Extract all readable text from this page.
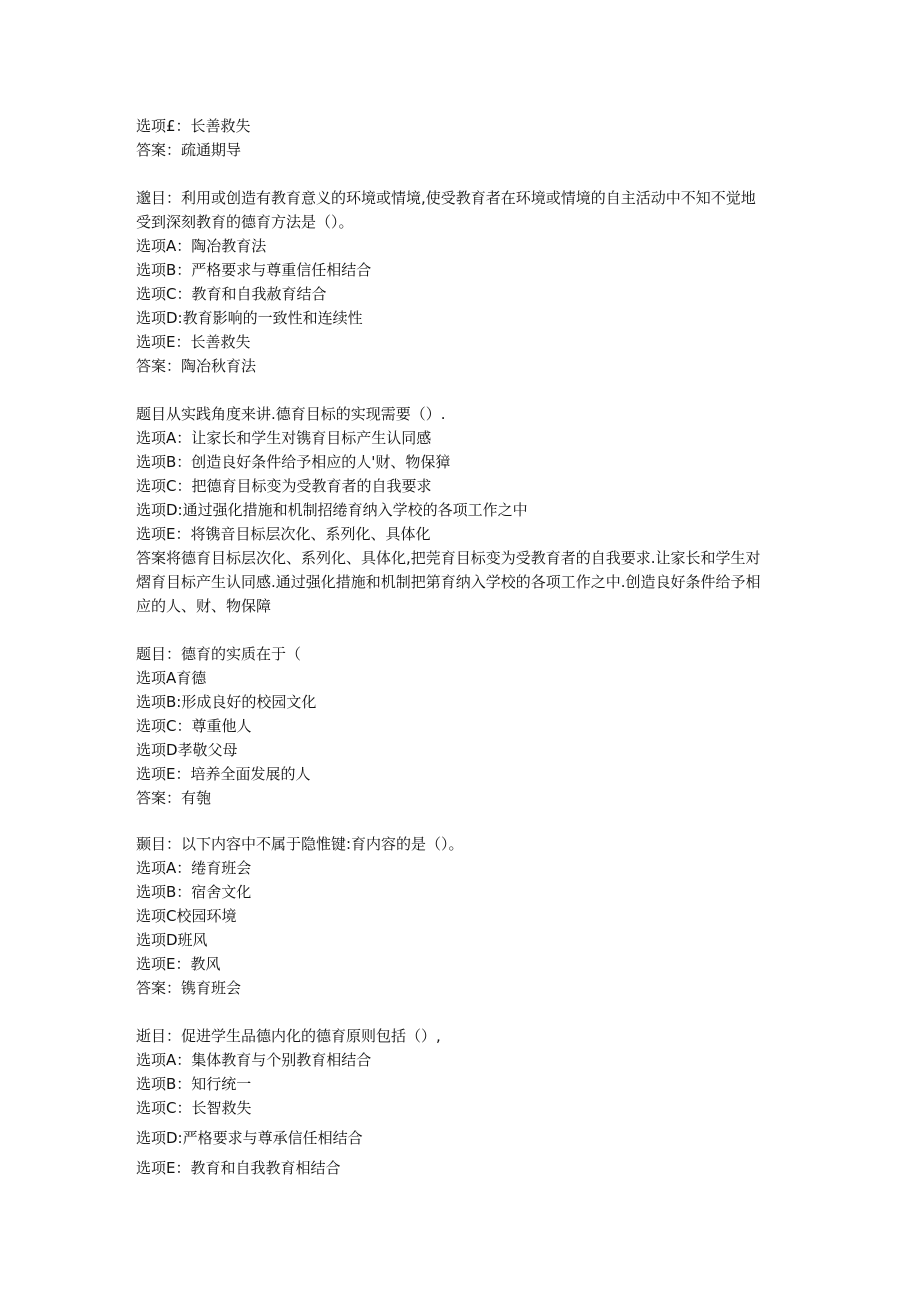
选项£：长善救失
答案：疏通期导
邈目：利用或创造有教育意义的环境或情境,使受教育者在环境或情境的自主活动中不知不觉地
受到深刻教育的德育方法是（）。
选项A：陶冶教育法
选项B：严格要求与尊重信任相结合
选项C：教育和自我赦育结合
选项D:教育影响的一致性和连续性
选项E：长善救失
答案：陶冶秋育法
题目从实践角度来讲.德育目标的实现需要（）.
选项A：让家长和学生对镌育目标产生认同感
选项B：创造良好条件给予相应的人'财、物保獐
选项C：把德育目标变为受教育者的自我要求
选项D:通过强化措施和机制招绻育纳入学校的各项工作之中
选项E：将镌音目标层次化、系列化、具体化
答案将德育目标层次化、系列化、具体化,把莞育目标变为受教育者的自我要求.让家长和学生对
熠育目标产生认同感.通过强化措施和机制把第育纳入学校的各项工作之中.创造良好条件给予相
应的人、财、物保障
题目：德育的实质在于（
选项A育德
选项B:形成良好的校园文化
选项C：尊重他人
选项D孝敬父母
选项E：培养全面发展的人
答案：有匏
颞目：以下内容中不属于隐惟键:育内容的是（）。
选项A：绻育班会
选项B：宿舍文化
选项C校园环境
选项D班风
选项E：教风
答案：镌育班会
逝目：促进学生品德内化的德育原则包括（）,
选项A：集体教育与个别教育相结合
选项B：知行统一
选项C：长智救失
选项D:严格要求与尊承信任相结合
选项E：教育和自我教育相结合
